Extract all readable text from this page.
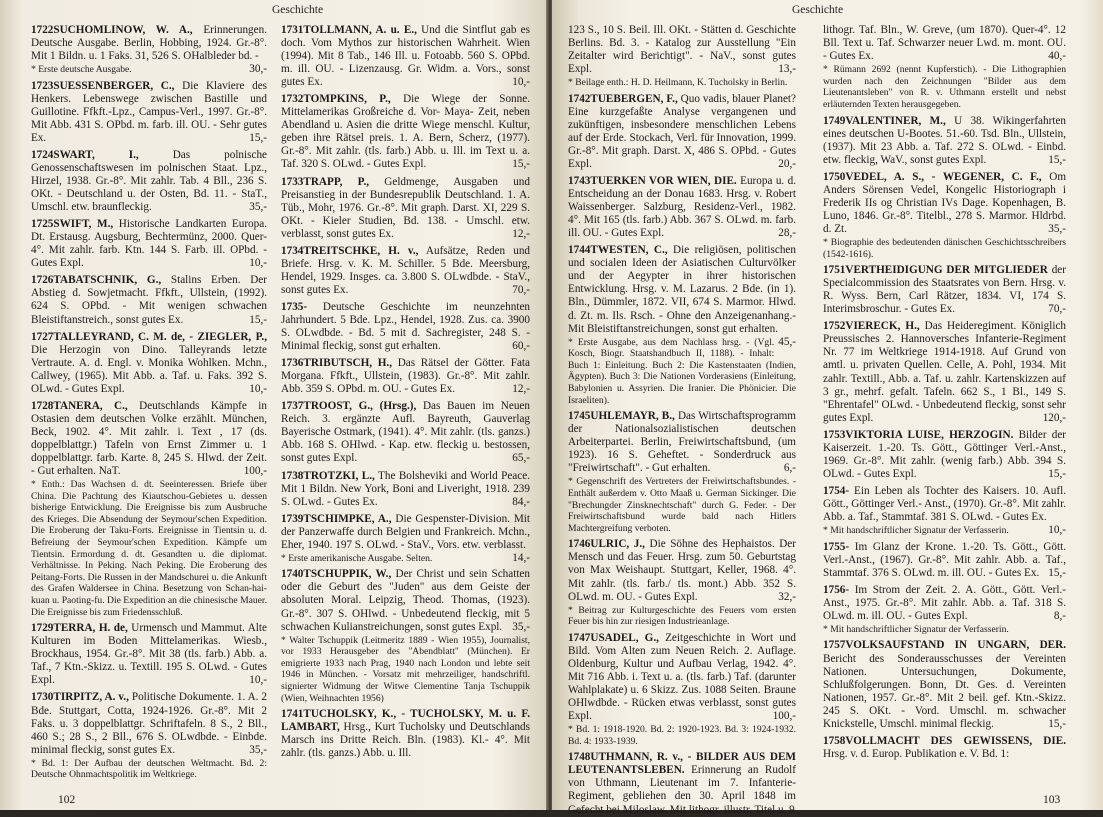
Geschichte

1722SUCHOMLINOW, W. A., Erinnerungen. Deutsche Ausgabe. Berlin, Hobbing, 1924. Gr.-8°. Mit 1 Bildn. u. 1 Faks. 31, 526 S. OHalbleder bd. -
30,-
* Erste deutsche Ausgabe.

1723SUESSENBERGER, C., Die Klaviere des Henkers. Lebenswege zwischen Bastille und Guillotine. Ffkft.-Lpz., Campus-Verl., 1997. Gr.-8°. Mit Abb. 431 S. OPbd. m. farb. ill. OU. - Sehr gutes Ex.	15,-

1724SWART, I.,	Das polnische Genossenschaftswesen im polnischen Staat. Lpz., Hirzel, 1938. Gr.-8°. Mit zahlr. Tab. 4 Bll., 236 S. OKt. - Deutschland u. der Osten, Bd. 11. - StaT., Umschl. etw. braunfleckig.	35,-

1725SWIFT, M., Historische Landkarten Europa. Dt. Erstausg. Augsburg, Bechtermünz, 2000. Quer-4°. Mit zahlr. farb. Ktn. 144 S. Farb. ill. OPbd. - Gutes Expl.	10,-

1726TABATSCHNIK, G., Stalins Erben. Der Abstieg d. Sowjetmacht. Ffkft., Ullstein, (1992). 624 S. OPbd. - Mit wenigen schwachen Bleistiftanstreich., sonst gutes Ex.	15,-

1727TALLEYRAND, C. M. de, - ZIEGLER, P., Die Herzogin von Dino. Talleyrands letzte Vertraute. A. d. Engl. v. Monika Wohlken. Mchn., Callwey, (1965). Mit Abb. a. Taf. u. Faks. 392 S. OLwd. - Gutes Expl.	10,-

1728TANERA, C., Deutschlands Kämpfe in Ostasien dem deutschen Volke erzählt. München, Beck, 1902. 4°. Mit zahlr. i. Text , 17 (ds. doppelblattgr.) Tafeln von Ernst Zimmer u. 1 doppelblattgr. farb. Karte. 8, 245 S. Hlwd. der Zeit. - Gut erhalten. NaT.	100,-
* Enth.: Das Wachsen d. dt. Seeinteressen. Briefe über China. Die Pachtung des Kiautschou-Gebietes u. dessen bisherige Entwicklung. Die Ereignisse bis zum Ausbruche des Krieges. Die Absendung der Seymour'schen Expedition. Die Eroberung der Taku-Forts. Ereignisse in Tientsin u. d. Befreiung der Seymour'schen Expedition. Kämpfe um Tientsin. Ermordung d. dt. Gesandten u. die diplomat. Verhältnisse. In Peking. Nach Peking. Die Eroberung des Peitang-Forts. Die Russen in der Mandschurei u. die Ankunft des Grafen Waldersee in China. Besetzung von Schan-hai-kuan u. Paoting-fu. Die Expedition an die chinesische Mauer. Die Ereignisse bis zum Friedensschluß.

1729TERRA, H. de, Urmensch und Mammut. Alte Kulturen im Boden Mittelamerikas. Wiesb., Brockhaus, 1954. Gr.-8°. Mit 38 (tls. farb.) Abb. a. Taf., 7 Ktn.-Skizz. u. Textill. 195 S. OLwd. - Gutes Expl.	10,-

1730TIRPITZ, A. v., Politische Dokumente. 1. A. 2 Bde. Stuttgart, Cotta, 1924-1926. Gr.-8°. Mit 2 Faks. u. 3 doppelblattgr. Schriftafeln. 8 S., 2 Bll., 460 S.; 28 S., 2 Bll., 676 S. OLwdbde. - Einbde. minimal fleckig, sonst gutes Ex.	35,-
* Bd. 1: Der Aufbau der deutschen Weltmacht. Bd. 2: Deutsche Ohnmachtspolitik im Weltkriege.

1731TOLLMANN, A. u. E., Und die Sintflut gab es doch. Vom Mythos zur historischen Wahrheit. Wien (1994). Mit 8 Tab., 146 Ill. u. Fotoabb. 560 S. OPbd. m. ill. OU. - Lizenzausg. Gr. Widm. a. Vors., sonst gutes Ex.	10,-

1732TOMPKINS, P., Die Wiege der Sonne. Mittelamerikas Großreiche d. Vor- Maya- Zeit, neben Abendland u. Asien die dritte Wiege menschl. Kultur, geben ihre Rätsel preis. 1. A. Bern, Scherz, (1977). Gr.-8°. Mit zahlr. (tls. farb.) Abb. u. Ill. im Text u. a. Taf. 320 S. OLwd. - Gutes Expl.	15,-

1733TRAPP, P., Geldmenge, Ausgaben und Preisanstieg in der Bundesrepublik Deutschland. 1. A. Tüb., Mohr, 1976. Gr.-8°. Mit graph. Darst. XI, 229 S. OKt. - Kieler Studien, Bd. 138. - Umschl. etw. verblasst, sonst gutes Ex.	12,-

1734TREITSCHKE, H. v., Aufsätze, Reden und Briefe. Hrsg. v. K. M. Schiller. 5 Bde. Meersburg, Hendel, 1929. Insges. ca. 3.800 S. OLwdbde. - StaV., sonst gutes Ex.	70,-

1735- Deutsche Geschichte im neunzehnten Jahrhundert. 5 Bde. Lpz., Hendel, 1928. Zus. ca. 3900 S. OLwdbde. - Bd. 5 mit d. Sachregister, 248 S. - Minimal fleckig, sonst gut erhalten.	60,-

1736TRIBUTSCH, H., Das Rätsel der Götter. Fata Morgana. Ffkft., Ullstein, (1983). Gr.-8°. Mit zahlr. Abb. 359 S. OPbd. m. OU. - Gutes Ex.	12,-

1737TROOST, G., (Hrsg.), Das Bauen im Neuen Reich. 3. ergänzte Aufl. Bayreuth, Gauverlag Bayerische Ostmark, (1941). 4°. Mit zahlr. (tls. ganzs.) Abb. 168 S. OHlwd. - Kap. etw. fleckig u. bestossen, sonst gutes Expl.	65,-

1738TROTZKI, L., The Bolsheviki and World Peace. Mit 1 Bildn. New York, Boni and Liveright, 1918. 239 S. OLwd. - Gutes Ex.	84,-

1739TSCHIMPKE, A., Die Gespenster-Division. Mit der Panzerwaffe durch Belgien und Frankreich. Mchn., Eher, 1940. 197 S. OLwd. - StaV., Vors. etw. verblasst.
14,-
* Erste amerikanische Ausgabe. Selten.

1740TSCHUPPIK, W., Der Christ und sein Schatten oder die Geburt des "Juden" aus dem Geiste der absoluten Moral. Leipzig, Theod. Thomas, (1923). Gr.-8°. 307 S. OHlwd. - Unbedeutend fleckig, mit 5 schwachen Kulianstreichungen, sonst gutes Expl. 35,-
* Walter Tschuppik (Leitmeritz 1889 - Wien 1955), Journalist, vor 1933 Herausgeber des "Abendblatt" (München). Er emigrierte 1933 nach Prag, 1940 nach London und lebte seit 1946 in München. - Vorsatz mit mehrzeiliger, handschriftl. signierter Widmung der Witwe Clementine Tanja Tschuppik (Wien, Weihnachten 1956)

1741TUCHOLSKY, K., - TUCHOLSKY, M. u. F. LAMBART, Hrsg., Kurt Tucholsky und Deutschlands Marsch ins Dritte Reich. Bln. (1983). Kl.- 4°. Mit zahlr. (tls. ganzs.) Abb. u. Ill.

102
Geschichte

123 S., 10 S. Beil. Ill. OKt. - Stätten d. Geschichte Berlins. Bd. 3. - Katalog zur Ausstellung "Ein Zeitalter wird Berichtigt". - NaV., sonst gutes Expl.	13,-
* Beilage enth.: H. D. Heilmann, K. Tucholsky in Berlin.

1742TUEBERGEN, F., Quo vadis, blauer Planet? Eine kurzgefaßte Analyse vergangenen und zukünftigen, insbesondere menschlichen Lebens auf der Erde. Stockach, Verl. für Innovation, 1999. Gr.-8°. Mit graph. Darst. X, 486 S. OPbd. - Gutes Expl.	20,-

1743TUERKEN VOR WIEN, DIE. Europa u. d. Entscheidung an der Donau 1683. Hrsg. v. Robert Waissenberger. Salzburg, Residenz-Verl., 1982. 4°. Mit 165 (tls. farb.) Abb. 367 S. OLwd. m. farb. ill. OU. - Gutes Expl.	28,-

1744TWESTEN, C., Die religiösen, politischen und socialen Ideen der Asiatischen Culturvölker und der Aegypter in ihrer historischen Entwicklung. Hrsg. v. M. Lazarus. 2 Bde. (in 1). Bln., Dümmler, 1872. VII, 674 S. Marmor. Hlwd. d. Zt. m. Ils. Rsch. - Ohne den Anzeigenanhang.- Mit Bleistiftanstreichungen, sonst gut erhalten.
45,-
* Erste Ausgabe, aus dem Nachlass hrsg. - (Vgl. Kosch, Biogr. Staatshandbuch II, 1188). - Inhalt: Buch 1: Einleitung. Buch 2: Die Kastenstaaten (Indien, Ägypten). Buch 3: Die Nationen Vorderasiens (Einleitung, Babylonien u. Assyrien. Die Iranier. Die Phönicier. Die Israeliten).

1745UHLEMAYR, B., Das Wirtschaftsprogramm der Nationalsozialistischen deutschen Arbeiterpartei. Berlin, Freiwirtschaftsbund, (um 1923). 16 S. Geheftet. - Sonderdruck aus "Freiwirtschaft". - Gut erhalten.	6,-
* Gegenschrift des Vertreters der Freiwirtschaftsbundes. - Enthält außerdem v. Otto Maaß u. German Sickinger. Die "Brechungder Zinsknechtschaft" durch G. Feder. - Der Freiwirtschaftsbund wurde bald nach Hitlers Machtergreifung verboten.

1746ULRIC, J., Die Söhne des Hephaistos. Der Mensch und das Feuer. Hrsg. zum 50. Geburtstag von Max Weishaupt. Stuttgart, Keller, 1968. 4°. Mit zahlr. (tls. farb./ tls. mont.) Abb. 352 S. OLwd. m. OU. - Gutes Expl.	32,-
* Beitrag zur Kulturgeschichte des Feuers vom ersten Feuer bis hin zur riesigen Industrieanlage.

1747USADEL, G., Zeitgeschichte in Wort und Bild. Vom Alten zum Neuen Reich. 2. Auflage. Oldenburg, Kultur und Aufbau Verlag, 1942. 4°. Mit 716 Abb. i. Text u. a. (tls. farb.) Taf. (darunter Wahlplakate) u. 6 Skizz. Zus. 1088 Seiten. Braune OHlwdbde. - Rücken etwas verblasst, sonst gutes Expl.	100,-
* Bd. 1: 1918-1920. Bd. 2: 1920-1923. Bd. 3: 1924-1932. Bd. 4: 1933-1939.

1748UTHMANN, R. v., - BILDER AUS DEM LEUTENANTSLEBEN. Erinnerung an Rudolf von Uthmann, Lieutenant im 7. Infanterie-Regiment, gebliehen den 30. April 1848 im Gefecht bei Miloslaw. Mit lithogr. illustr. Titel u. 9

lithogr. Taf. Bln., W. Greve, (um 1870). Quer-4°. 12 Bll. Text u. Taf. Schwarzer neuer Lwd. m. mont. OU. - Gutes Ex.	40,-
* Rümann 2692 (nennt Kupferstich). - Die Lithographien wurden nach den Zeichnungen "Bilder aus dem Lieutenantsleben" von R. v. Uthmann erstellt und nebst erläuternden Texten herausgegeben.

1749VALENTINER, M., U 38. Wikingerfahrten eines deutschen U-Bootes. 51.-60. Tsd. Bln., Ullstein, (1937). Mit 23 Abb. a. Taf. 272 S. OLwd. - Einbd. etw. fleckig, WaV., sonst gutes Expl.	15,-

1750VEDEL, A. S., - WEGENER, C. F., Om Anders Sörensen Vedel, Kongelic Historiograph i Frederik IIs og Christian IVs Dage. Kopenhagen, B. Luno, 1846. Gr.-8°. Titelbl., 278 S. Marmor. Hldrbd. d. Zt.	35,-
* Biographie des bedeutenden dänischen Geschichtsschreibers (1542-1616).

1751VERTHEIDIGUNG DER MITGLIEDER der Specialcommission des Staatsrates von Bern. Hrsg. v. R. Wyss. Bern, Carl Rätzer, 1834. VI, 174 S. Interimsbroschur. - Gutes Ex.	70,-

1752VIERECK, H., Das Heideregiment. Königlich Preussisches 2. Hannoversches Infanterie-Regiment Nr. 77 im Weltkriege 1914-1918. Auf Grund von amtl. u. privaten Quellen. Celle, A. Pohl, 1934. Mit zahlr. Textill., Abb. a. Taf. u. zahlr. Kartenskizzen auf 3 gr., mehrf. gefalt. Tafeln. 662 S., 1 Bl., 149 S. "Ehrentafel" OLwd. - Unbedeutend fleckig, sonst sehr gutes Expl.	120,-

1753VIKTORIA LUISE, HERZOGIN. Bilder der Kaiserzeit. 1.-20. Ts. Gött., Göttinger Verl.-Anst., 1969. Gr.-8°. Mit zahlr. (wenig farb.) Abb. 394 S. OLwd. - Gutes Expl.	15,-

1754- Ein Leben als Tochter des Kaisers. 10. Aufl. Gött., Göttinger Verl.- Anst., (1970). Gr.-8°. Mit zahlr. Abb. a. Taf., Stammtaf. 381 S. OLwd. - Gutes Ex.
10,-
* Mit handschriftlicher Signatur der Verfasserin.

1755- Im Glanz der Krone. 1.-20. Ts. Gött., Gött. Verl.-Anst., (1967). Gr.-8°. Mit zahlr. Abb. a. Taf., Stammtaf. 376 S. OLwd. m. ill. OU. - Gutes Ex. 15,-

1756- Im Strom der Zeit. 2. A. Gött., Gött. Verl.-Anst., 1975. Gr.-8°. Mit zahlr. Abb. a. Taf. 318 S. OLwd. m. ill. OU. - Gutes Expl.	8,-
* Mit handschriftlicher Signatur der Verfasserin.

1757VOLKSAUFSTAND IN UNGARN, DER. Bericht des Sonderausschusses der Vereinten Nationen. Untersuchungen, Dokumente, Schlußfolgerungen. Bonn, Dt. Ges. d. Vereinten Nationen, 1957. Gr.-8°. Mit 2 beil. gef. Ktn.-Skizz. 245 S. OKt. - Vord. Umschl. m. schwacher Knickstelle, Umschl. minimal fleckig.	15,-

1758VOLLMACHT DES GEWISSENS, DIE. Hrsg. v. d. Europ. Publikation e. V. Bd. 1:

103
